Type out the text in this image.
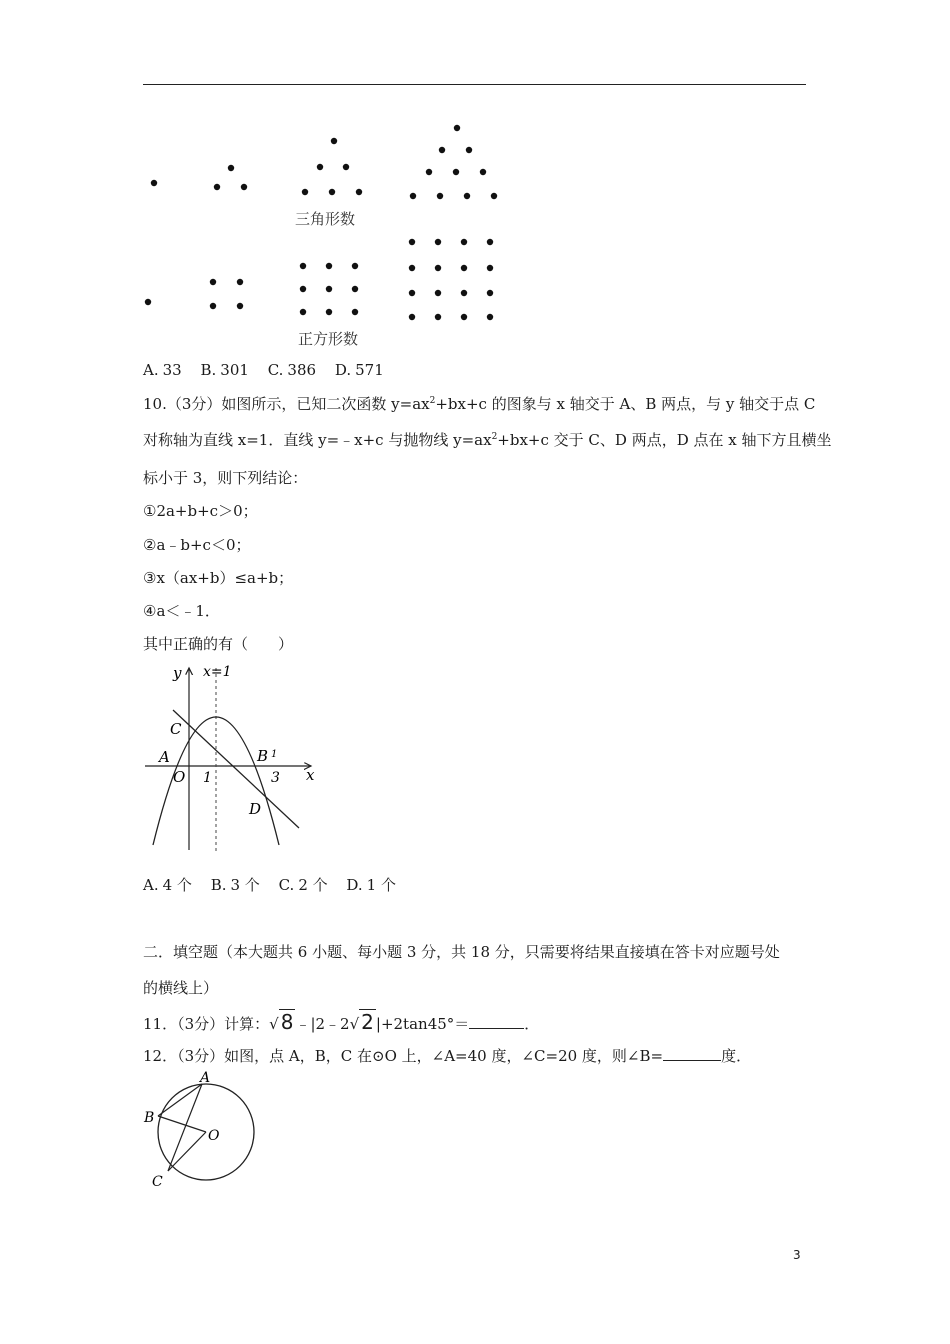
三角形数
正方形数
A. 33 B. 301 C. 386 D. 571
10.（3分）如图所示，已知二次函数 $y=ax^2+bx+c$ 的图象与 x 轴交于 A、B 两点，与 y 轴交于点 C
对称轴为直线 x=1．直线 y=﹣x+c 与抛物线 $y=ax^2+bx+c$ 交于 C、D 两点，D 点在 x 轴下方且横坐
标小于 3，则下列结论：
①2a+b+c＞0；
②a﹣b+c＜0；
③x（ax+b）≤a+b；
④a＜﹣1．
其中正确的有（　　）
y x=1
C
A
O 1
B 1
3 x
D
A. 4 个 B. 3 个 C. 2 个 D. 1 个
二．填空题（本大题共 6 小题、每小题 3 分，共 18 分，只需要将结果直接填在答卡对应题号处
的横线上）
11．（3分）计算：√ 8 ﹣|2﹣2√ 2 |+2tan45°＝	．
12．（3分）如图，点 A，B，C 在⊙O 上，∠A=40 度，∠C=20 度，则∠B=	度．
A
B
O
C
3
